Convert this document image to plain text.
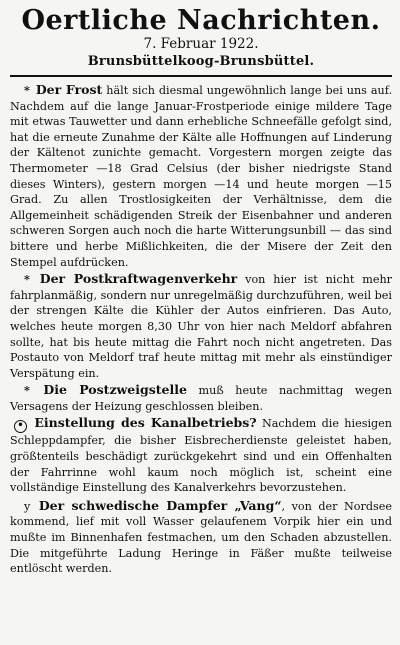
Oertliche Nachrichten.
7. Februar 1922.
Brunsbüttelkoog-Brunsbüttel.

* Der Frost hält sich diesmal ungewöhnlich lange bei uns auf. Nachdem auf die lange Januar-Frostperiode einige mildere Tage mit etwas Tauwetter und dann erhebliche Schneefälle gefolgt sind, hat die erneute Zunahme der Kälte alle Hoffnungen auf Linderung der Kältenot zunichte gemacht. Vorgestern morgen zeigte das Thermometer —18 Grad Celsius (der bisher niedrigste Stand dieses Winters), gestern morgen —14 und heute morgen —15 Grad. Zu allen Trostlosigkeiten der Verhältnisse, dem die Allgemeinheit schädigenden Streik der Eisenbahner und anderen schweren Sorgen auch noch die harte Witterungsunbill — das sind bittere und herbe Mißlichkeiten, die der Misere der Zeit den Stempel aufdrücken.

* Der Postkraftwagenverkehr von hier ist nicht mehr fahrplanmäßig, sondern nur unregelmäßig durchzuführen, weil bei der strengen Kälte die Kühler der Autos einfrieren. Das Auto, welches heute morgen 8,30 Uhr von hier nach Meldorf abfahren sollte, hat bis heute mittag die Fahrt noch nicht angetreten. Das Postauto von Meldorf traf heute mittag mit mehr als einstündiger Verspätung ein.

* Die Postzweigstelle muß heute nachmittag wegen Versagens der Heizung geschlossen bleiben.

• Einstellung des Kanalbetriebs? Nachdem die hiesigen Schleppdampfer, die bisher Eisbrecherdienste geleistet haben, größtenteils beschädigt zurückgekehrt sind und ein Offenhalten der Fahrrinne wohl kaum noch möglich ist, scheint eine vollständige Einstellung des Kanalverkehrs bevorzustehen.

y Der schwedische Dampfer „Vang“, von der Nordsee kommend, lief mit voll Wasser gelaufenem Vorpik hier ein und mußte im Binnenhafen festmachen, um den Schaden abzustellen. Die mitgeführte Ladung Heringe in Fäßer mußte teilweise entlöscht werden.
